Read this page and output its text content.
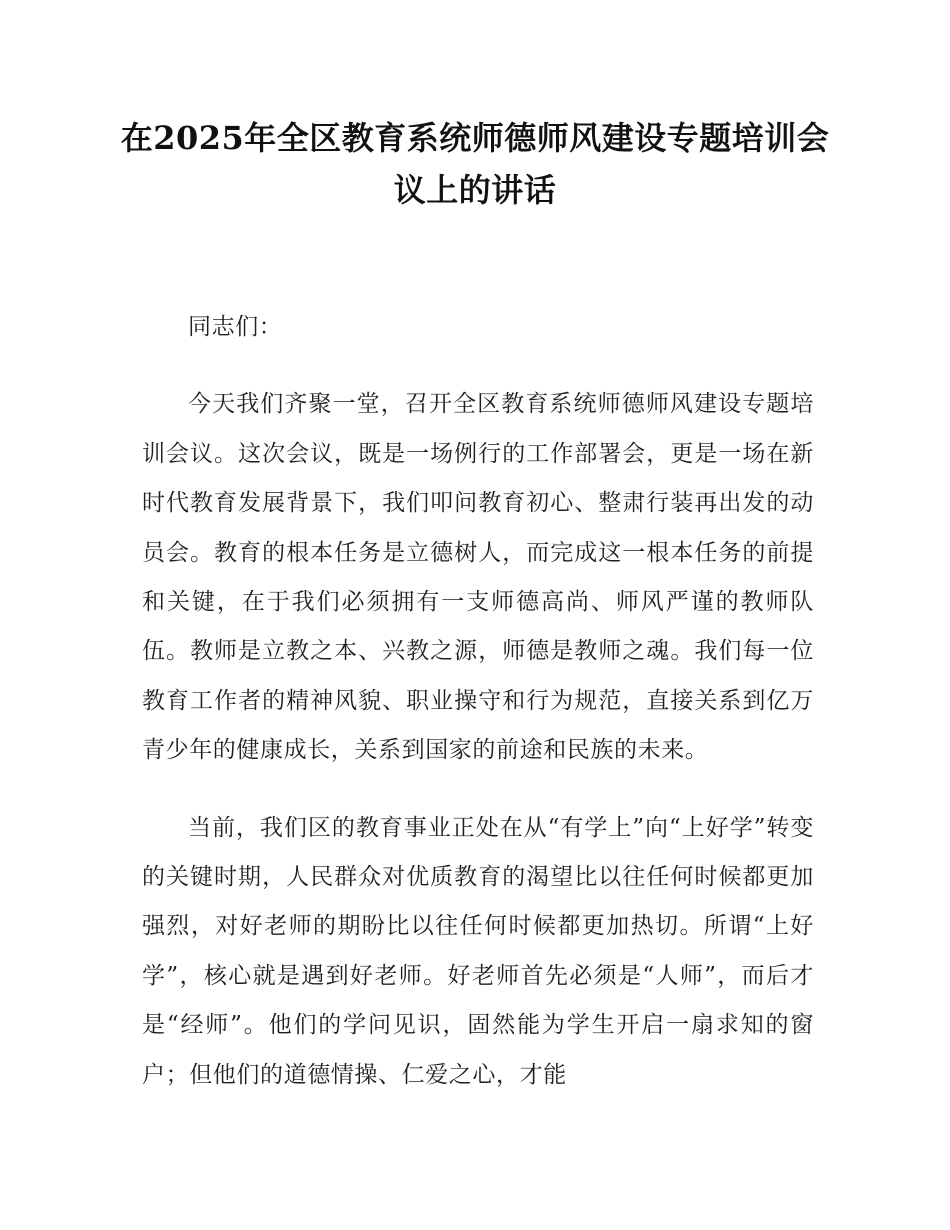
在2025年全区教育系统师德师风建设专题培训会议上的讲话

同志们：

今天我们齐聚一堂，召开全区教育系统师德师风建设专题培训会议。这次会议，既是一场例行的工作部署会，更是一场在新时代教育发展背景下，我们叩问教育初心、整肃行装再出发的动员会。教育的根本任务是立德树人，而完成这一根本任务的前提和关键，在于我们必须拥有一支师德高尚、师风严谨的教师队伍。教师是立教之本、兴教之源，师德是教师之魂。我们每一位教育工作者的精神风貌、职业操守和行为规范，直接关系到亿万青少年的健康成长，关系到国家的前途和民族的未来。

当前，我们区的教育事业正处在从“有学上”向“上好学”转变的关键时期，人民群众对优质教育的渴望比以往任何时候都更加强烈，对好老师的期盼比以往任何时候都更加热切。所谓“上好学”，核心就是遇到好老师。好老师首先必须是“人师”，而后才是“经师”。他们的学问见识，固然能为学生开启一扇求知的窗户；但他们的道德情操、仁爱之心，才能
